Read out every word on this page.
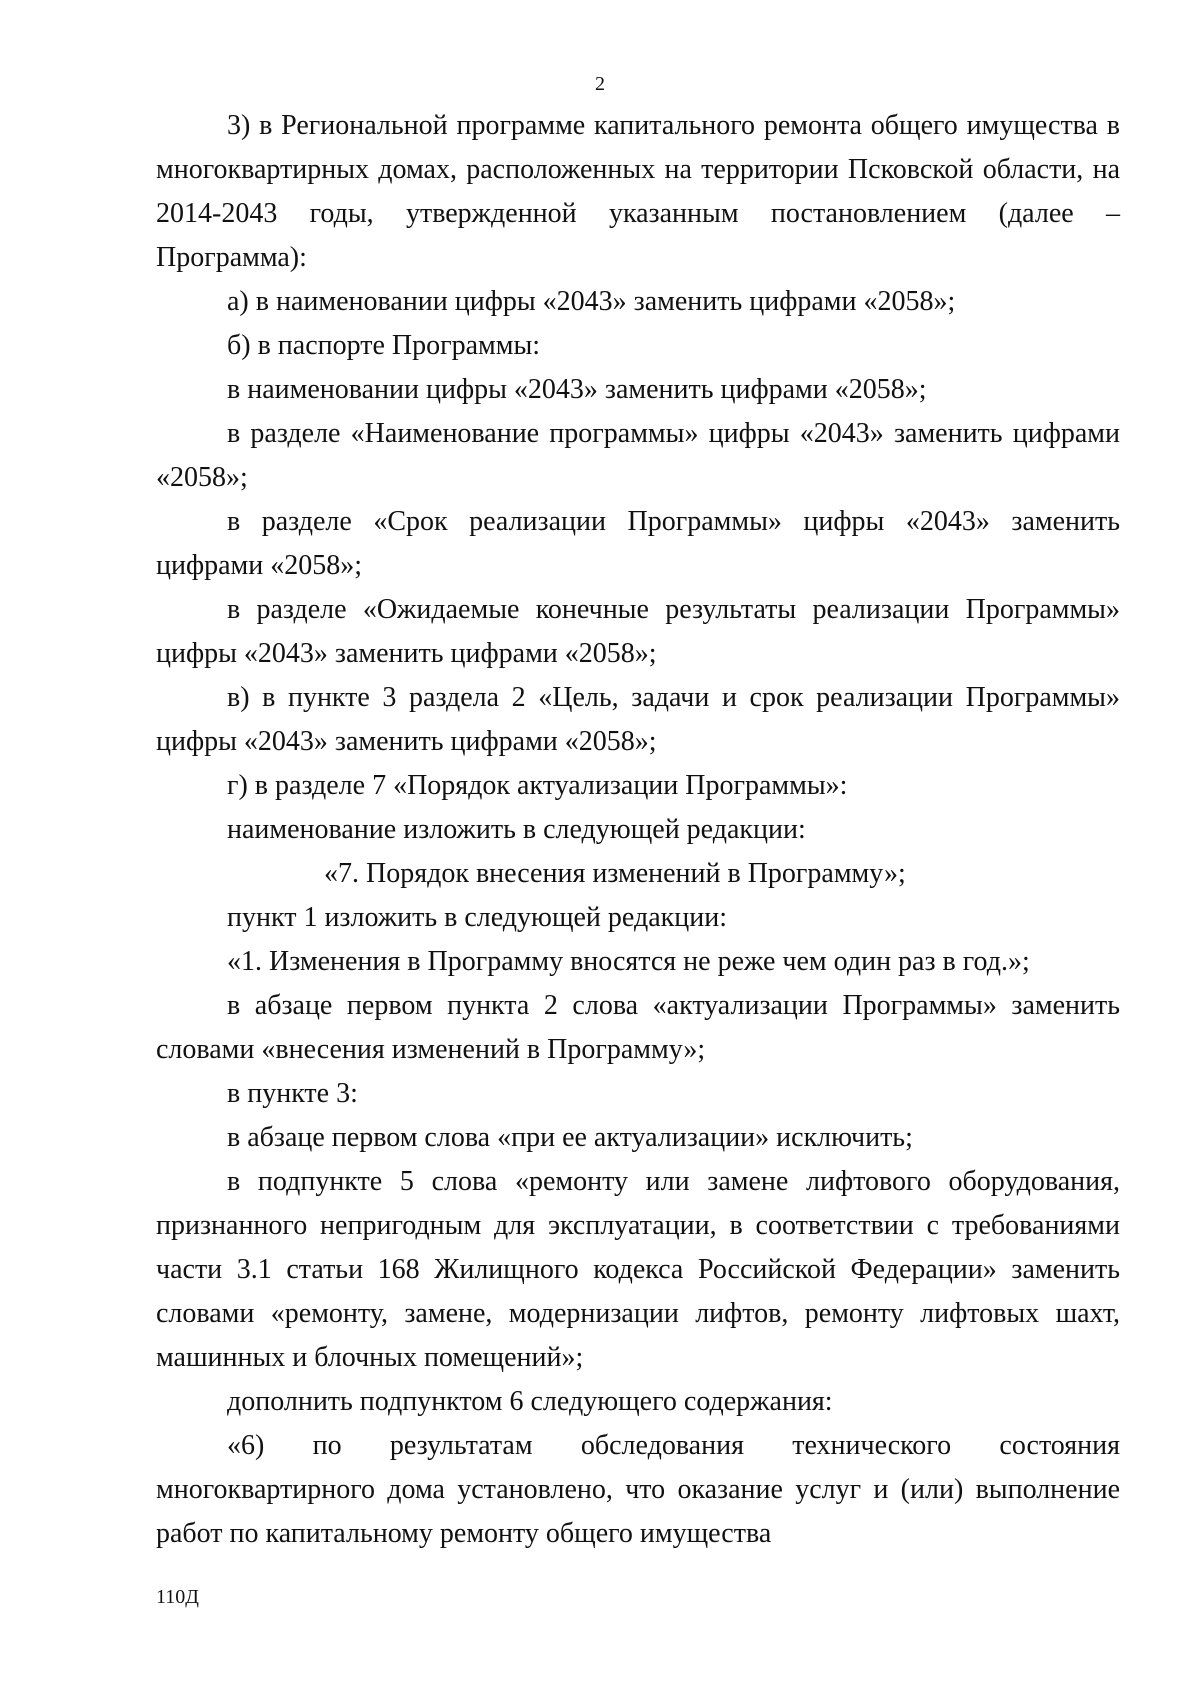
2

3) в Региональной программе капитального ремонта общего имущества в многоквартирных домах, расположенных на территории Псковской области, на 2014-2043 годы, утвержденной указанным постановлением (далее – Программа):

а) в наименовании цифры «2043» заменить цифрами «2058»;

б) в паспорте Программы:

в наименовании цифры «2043» заменить цифрами «2058»;

в разделе «Наименование программы» цифры «2043» заменить цифрами «2058»;

в разделе «Срок реализации Программы» цифры «2043» заменить цифрами «2058»;

в разделе «Ожидаемые конечные результаты реализации Программы» цифры «2043» заменить цифрами «2058»;

в) в пункте 3 раздела 2 «Цель, задачи и срок реализации Программы» цифры «2043» заменить цифрами «2058»;

г) в разделе 7 «Порядок актуализации Программы»:

наименование изложить в следующей редакции:

«7. Порядок внесения изменений в Программу»;

пункт 1 изложить в следующей редакции:

«1. Изменения в Программу вносятся не реже чем один раз в год.»;

в абзаце первом пункта 2 слова «актуализации Программы» заменить словами «внесения изменений в Программу»;

в пункте 3:

в абзаце первом слова «при ее актуализации» исключить;

в подпункте 5 слова «ремонту или замене лифтового оборудования, признанного непригодным для эксплуатации, в соответствии с требованиями части 3.1 статьи 168 Жилищного кодекса Российской Федерации» заменить словами «ремонту, замене, модернизации лифтов, ремонту лифтовых шахт, машинных и блочных помещений»;

дополнить подпунктом 6 следующего содержания:

«6) по результатам обследования технического состояния многоквартирного дома установлено, что оказание услуг и (или) выполнение работ по капитальному ремонту общего имущества

110Д
